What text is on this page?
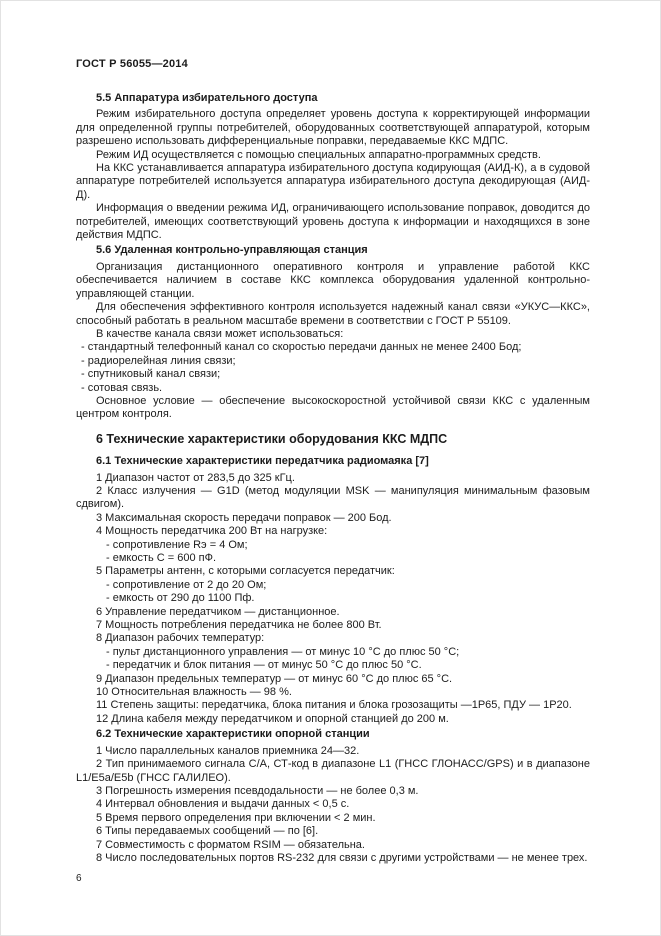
ГОСТ Р 56055—2014
5.5 Аппаратура избирательного доступа
Режим избирательного доступа определяет уровень доступа к корректирующей информации для определенной группы потребителей, оборудованных соответствующей аппаратурой, которым разрешено использовать дифференциальные поправки, передаваемые ККС МДПС.
Режим ИД осуществляется с помощью специальных аппаратно-программных средств.
На ККС устанавливается аппаратура избирательного доступа кодирующая (АИД-К), а в судовой аппаратуре потребителей используется аппаратура избирательного доступа декодирующая (АИД-Д).
Информация о введении режима ИД, ограничивающего использование поправок, доводится до потребителей, имеющих соответствующий уровень доступа к информации и находящихся в зоне действия МДПС.
5.6 Удаленная контрольно-управляющая станция
Организация дистанционного оперативного контроля и управление работой ККС обеспечивается наличием в составе ККС комплекса оборудования удаленной контрольно-управляющей станции.
Для обеспечения эффективного контроля используется надежный канал связи «УКУС—ККС», способный работать в реальном масштабе времени в соответствии с ГОСТ Р 55109.
В качестве канала связи может использоваться:
- стандартный телефонный канал со скоростью передачи данных не менее 2400 Бод;
- радиорелейная линия связи;
- спутниковый канал связи;
- сотовая связь.
Основное условие — обеспечение высокоскоростной устойчивой связи ККС с удаленным центром контроля.
6 Технические характеристики оборудования ККС МДПС
6.1 Технические характеристики передатчика радиомаяка [7]
1 Диапазон частот от 283,5 до 325 кГц.
2 Класс излучения — G1D (метод модуляции MSK — манипуляция минимальным фазовым сдвигом).
3 Максимальная скорость передачи поправок — 200 Бод.
4 Мощность передатчика 200 Вт на нагрузке:
- сопротивление Rэ = 4 Ом;
- емкость С = 600 пФ.
5 Параметры антенн, с которыми согласуется передатчик:
- сопротивление от 2 до 20 Ом;
- емкость от 290 до 1100 Пф.
6 Управление передатчиком — дистанционное.
7 Мощность потребления передатчика не более 800 Вт.
8 Диапазон рабочих температур:
- пульт дистанционного управления — от минус 10 °С до плюс 50 °С;
- передатчик и блок питания — от минус 50 °С до плюс 50 °С.
9 Диапазон предельных температур — от минус 60 °С до плюс 65 °С.
10 Относительная влажность — 98 %.
11 Степень защиты: передатчика, блока питания и блока грозозащиты —1Р65, ПДУ — 1Р20.
12 Длина кабеля между передатчиком и опорной станцией до 200 м.
6.2 Технические характеристики опорной станции
1 Число параллельных каналов приемника 24—32.
2 Тип принимаемого сигнала С/А, СТ-код в диапазоне L1 (ГНСС ГЛОНАСС/GPS) и в диапазоне L1/E5a/E5b (ГНСС ГАЛИЛЕО).
3 Погрешность измерения псевдодальности — не более 0,3 м.
4 Интервал обновления и выдачи данных < 0,5 с.
5 Время первого определения при включении < 2 мин.
6 Типы передаваемых сообщений — по [6].
7 Совместимость с форматом RSIM — обязательна.
8 Число последовательных портов RS-232 для связи с другими устройствами — не менее трех.
6
